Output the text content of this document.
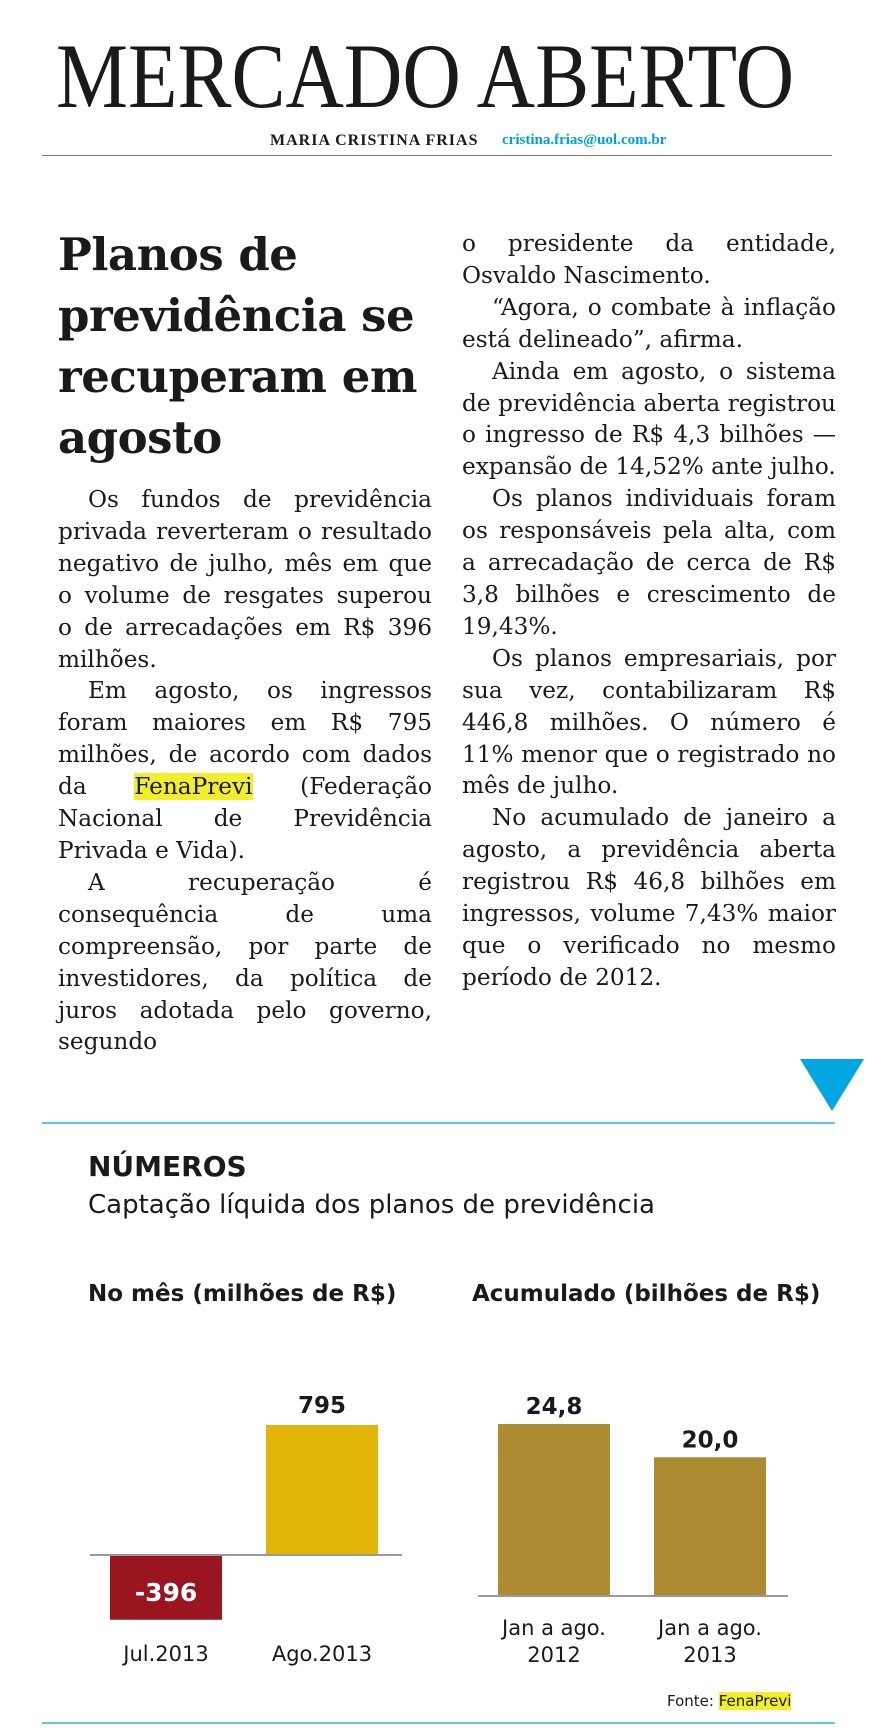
MERCADO ABERTO
MARIA CRISTINA FRIAS cristina.frias@uol.com.br
Planos de previdência se recuperam em agosto

Os fundos de previdência privada reverteram o resultado negativo de julho, mês em que o volume de resgates superou o de arrecadações em R$ 396 milhões.

Em agosto, os ingressos foram maiores em R$ 795 milhões, de acordo com dados da FenaPrevi (Federação Nacional de Previdência Privada e Vida).

A recuperação é consequência de uma compreensão, por parte de investidores, da política de juros adotada pelo governo, segundo

o presidente da entidade, Osvaldo Nascimento.

“Agora, o combate à inflação está delineado”, afirma.

Ainda em agosto, o sistema de previdência aberta registrou o ingresso de R$ 4,3 bilhões —expansão de 14,52% ante julho.

Os planos individuais foram os responsáveis pela alta, com a arrecadação de cerca de R$ 3,8 bilhões e crescimento de 19,43%.

Os planos empresariais, por sua vez, contabilizaram R$ 446,8 milhões. O número é 11% menor que o registrado no mês de julho.

No acumulado de janeiro a agosto, a previdência aberta registrou R$ 46,8 bilhões em ingressos, volume 7,43% maior que o verificado no mesmo período de 2012.

NÚMEROS

Captação líquida dos planos de previdência

No mês (milhões de R$)	Acumulado (bilhões de R$)
-396
Jul.2013
795
Ago.2013
24,8
Jan a ago.
2012
20,0
Jan a ago.
2013
Fonte: FenaPrevi
